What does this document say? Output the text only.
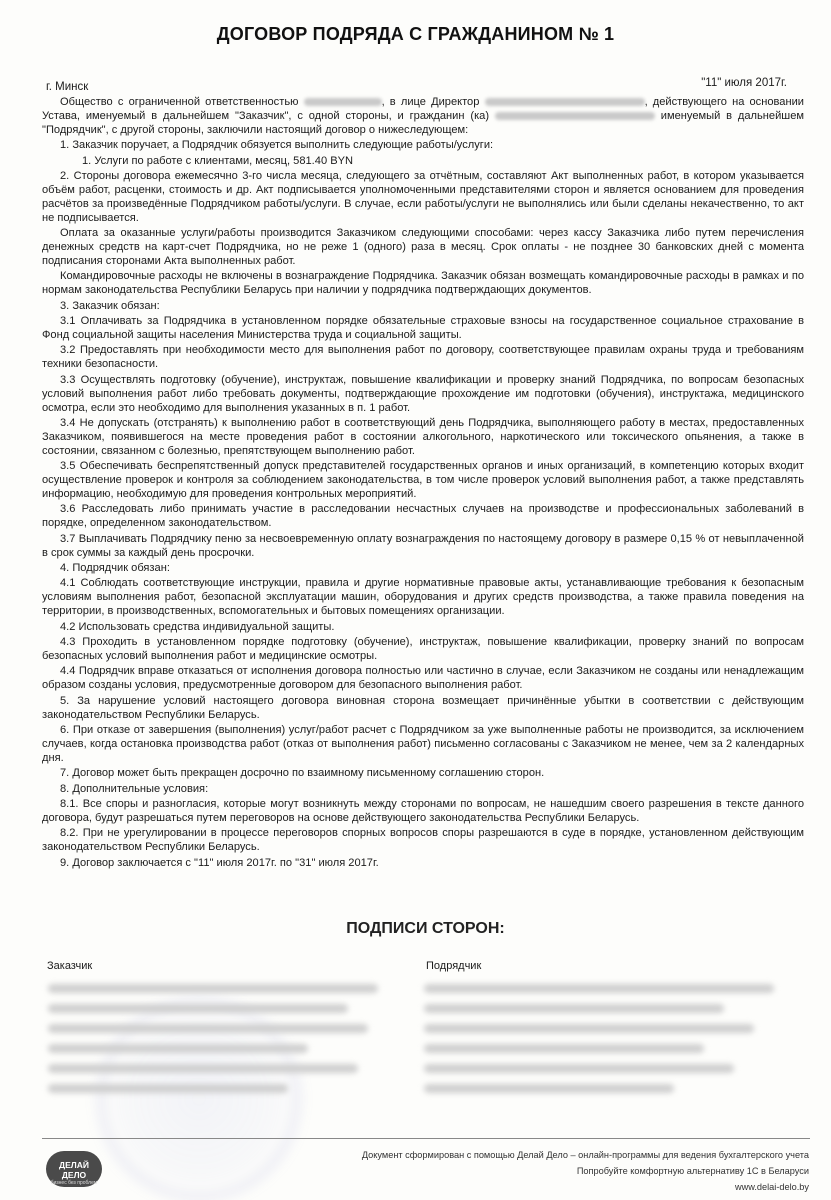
ДОГОВОР ПОДРЯДА С ГРАЖДАНИНОМ № 1
г. Минск	"11" июля 2017г.

Общество с ограниченной ответственностью	, в лице Директор	, действующего на основании Устава, именуемый в дальнейшем "Заказчик", с одной стороны, и гражданин (ка)	именуемый в дальнейшем "Подрядчик", с другой стороны, заключили настоящий договор о нижеследующем:

1. Заказчик поручает, а Подрядчик обязуется выполнить следующие работы/услуги:

1. Услуги по работе с клиентами, месяц, 581.40 BYN

2. Стороны договора ежемесячно 3-го числа месяца, следующего за отчётным, составляют Акт выполненных работ, в котором указывается объём работ, расценки, стоимость и др. Акт подписывается уполномоченными представителями сторон и является основанием для проведения расчётов за произведённые Подрядчиком работы/услуги. В случае, если работы/услуги не выполнялись или были сделаны некачественно, то акт не подписывается.

Оплата за оказанные услуги/работы производится Заказчиком следующими способами: через кассу Заказчика либо путем перечисления денежных средств на карт-счет Подрядчика, но не реже 1 (одного) раза в месяц. Срок оплаты - не позднее 30 банковских дней с момента подписания сторонами Акта выполненных работ.

Командировочные расходы не включены в вознаграждение Подрядчика. Заказчик обязан возмещать командировочные расходы в рамках и по нормам законодательства Республики Беларусь при наличии у подрядчика подтверждающих документов.

3. Заказчик обязан:

3.1 Оплачивать за Подрядчика в установленном порядке обязательные страховые взносы на государственное социальное страхование в Фонд социальной защиты населения Министерства труда и социальной защиты.

3.2 Предоставлять при необходимости место для выполнения работ по договору, соответствующее правилам охраны труда и требованиям техники безопасности.

3.3 Осуществлять подготовку (обучение), инструктаж, повышение квалификации и проверку знаний Подрядчика, по вопросам безопасных условий выполнения работ либо требовать документы, подтверждающие прохождение им подготовки (обучения), инструктажа, медицинского осмотра, если это необходимо для выполнения указанных в п. 1 работ.

3.4 Не допускать (отстранять) к выполнению работ в соответствующий день Подрядчика, выполняющего работу в местах, предоставленных Заказчиком, появившегося на месте проведения работ в состоянии алкогольного, наркотического или токсического опьянения, а также в состоянии, связанном с болезнью, препятствующем выполнению работ.

3.5 Обеспечивать беспрепятственный допуск представителей государственных органов и иных организаций, в компетенцию которых входит осуществление проверок и контроля за соблюдением законодательства, в том числе проверок условий выполнения работ, а также представлять информацию, необходимую для проведения контрольных мероприятий.

3.6 Расследовать либо принимать участие в расследовании несчастных случаев на производстве и профессиональных заболеваний в порядке, определенном законодательством.

3.7 Выплачивать Подрядчику пеню за несвоевременную оплату вознаграждения по настоящему договору в размере 0,15 % от невыплаченной в срок суммы за каждый день просрочки.

4. Подрядчик обязан:

4.1 Соблюдать соответствующие инструкции, правила и другие нормативные правовые акты, устанавливающие требования к безопасным условиям выполнения работ, безопасной эксплуатации машин, оборудования и других средств производства, а также правила поведения на территории, в производственных, вспомогательных и бытовых помещениях организации.

4.2 Использовать средства индивидуальной защиты.

4.3 Проходить в установленном порядке подготовку (обучение), инструктаж, повышение квалификации, проверку знаний по вопросам безопасных условий выполнения работ и медицинские осмотры.

4.4 Подрядчик вправе отказаться от исполнения договора полностью или частично в случае, если Заказчиком не созданы или ненадлежащим образом созданы условия, предусмотренные договором для безопасного выполнения работ.

5. За нарушение условий настоящего договора виновная сторона возмещает причинённые убытки в соответствии с действующим законодательством Республики Беларусь.

6. При отказе от завершения (выполнения) услуг/работ расчет с Подрядчиком за уже выполненные работы не производится, за исключением случаев, когда остановка производства работ (отказ от выполнения работ) письменно согласованы с Заказчиком не менее, чем за 2 календарных дня.

7. Договор может быть прекращен досрочно по взаимному письменному соглашению сторон.

8. Дополнительные условия:

8.1. Все споры и разногласия, которые могут возникнуть между сторонами по вопросам, не нашедшим своего разрешения в тексте данного договора, будут разрешаться путем переговоров на основе действующего законодательства Республики Беларусь.

8.2. При не урегулировании в процессе переговоров спорных вопросов споры разрешаются в суде в порядке, установленном действующим законодательством Республики Беларусь.

9. Договор заключается с "11" июля 2017г. по "31" июля 2017г.

ПОДПИСИ СТОРОН:
Заказчик	Подрядчик
ДЕЛАЙ ДЕЛО
бизнес без проблем
Документ сформирован с помощью Делай Дело – онлайн-программы для ведения бухгалтерского учета
Попробуйте комфортную альтернативу 1С в Беларуси
www.delai-delo.by
